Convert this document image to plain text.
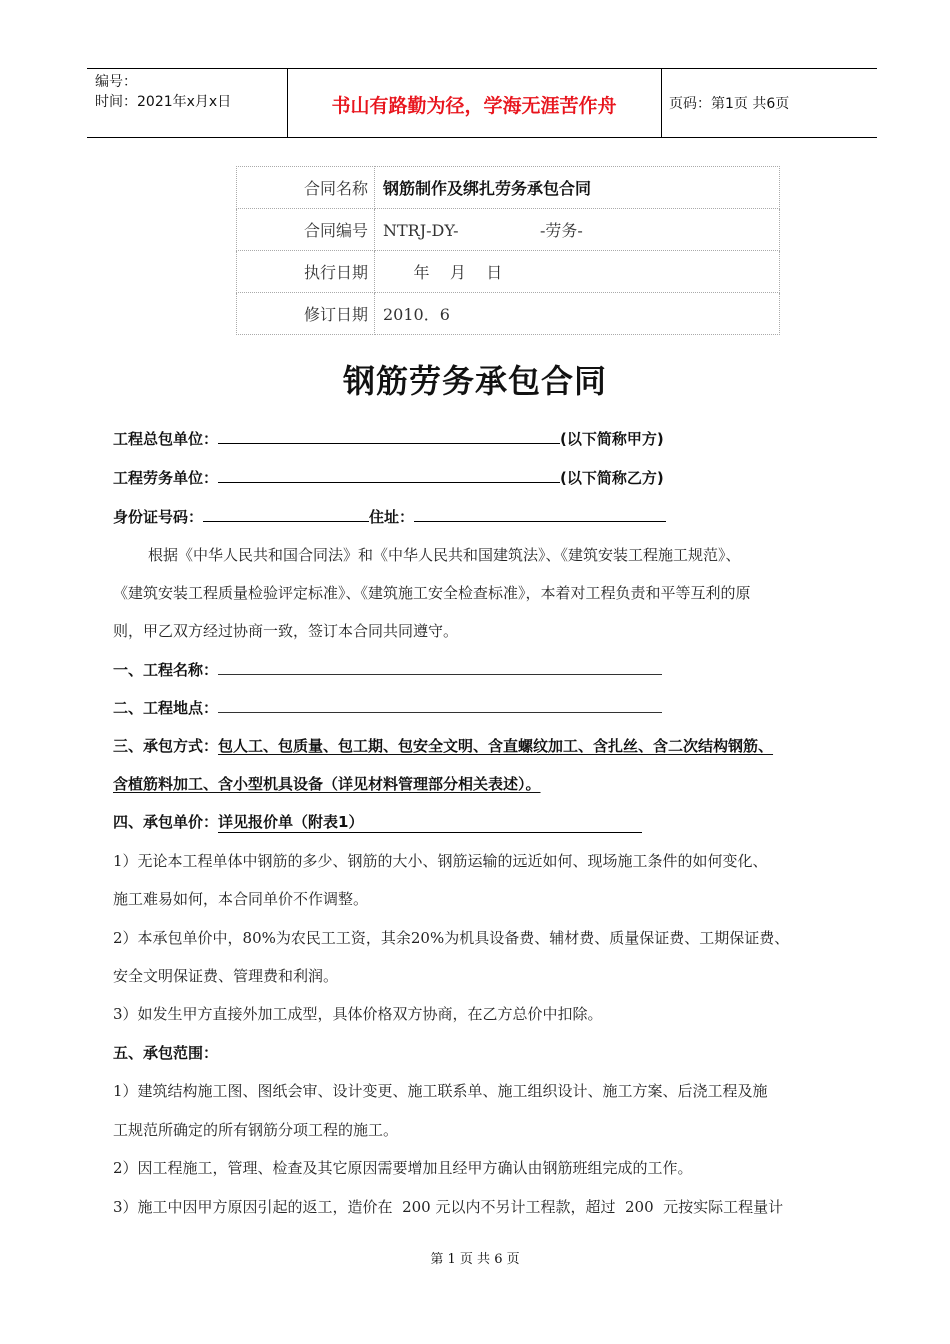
编号：
时间：2021年x月x日	书山有路勤为径，学海无涯苦作舟	页码：第1页 共6页
合同名称	钢筋制作及绑扎劳务承包合同
合同编号	NTRJ-DY-                -劳务-
执行日期	年    月    日
修订日期	2010．6
钢筋劳务承包合同
工程总包单位：	(以下简称甲方)
工程劳务单位：	(以下简称乙方)
身份证号码：	住址：
根据《中华人民共和国合同法》和《中华人民共和国建筑法》、《建筑安装工程施工规范》、
《建筑安装工程质量检验评定标准》、《建筑施工安全检查标准》，本着对工程负责和平等互利的原
则，甲乙双方经过协商一致，签订本合同共同遵守。
一、工程名称：
二、工程地点：
三、承包方式：包人工、包质量、包工期、包安全文明、含直螺纹加工、含扎丝、含二次结构钢筋、
含植筋料加工、含小型机具设备（详见材料管理部分相关表述）。
四、承包单价：详见报价单（附表1）
1）无论本工程单体中钢筋的多少、钢筋的大小、钢筋运输的远近如何、现场施工条件的如何变化、
施工难易如何，本合同单价不作调整。
2）本承包单价中，80%为农民工工资，其余20%为机具设备费、辅材费、质量保证费、工期保证费、
安全文明保证费、管理费和利润。
3）如发生甲方直接外加工成型，具体价格双方协商，在乙方总价中扣除。
五、承包范围：
1）建筑结构施工图、图纸会审、设计变更、施工联系单、施工组织设计、施工方案、后浇工程及施
工规范所确定的所有钢筋分项工程的施工。
2）因工程施工，管理、检查及其它原因需要增加且经甲方确认由钢筋班组完成的工作。
3）施工中因甲方原因引起的返工，造价在  200 元以内不另计工程款，超过  200  元按实际工程量计
第 1 页 共 6 页
